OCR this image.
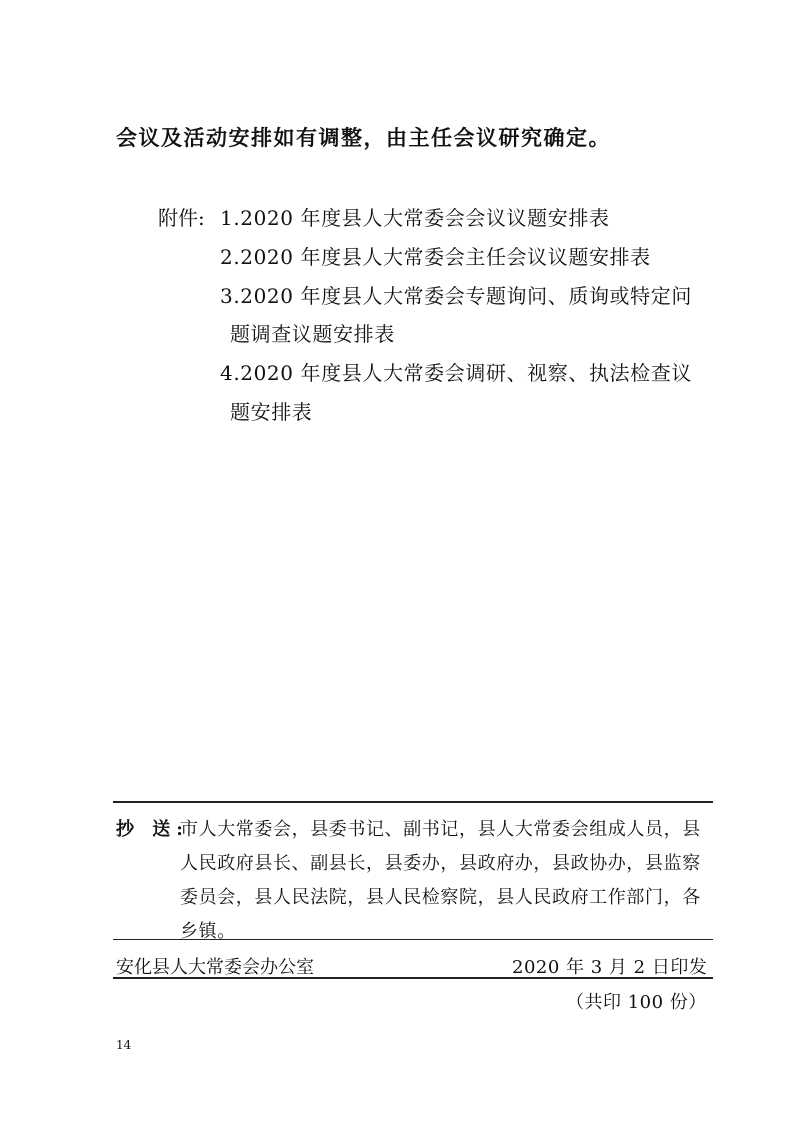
会议及活动安排如有调整，由主任会议研究确定。
附件: 1.2020 年度县人大常委会会议议题安排表
2.2020 年度县人大常委会主任会议议题安排表
3.2020 年度县人大常委会专题询问、质询或特定问
题调查议题安排表
4.2020 年度县人大常委会调研、视察、执法检查议
题安排表
抄 送:
市人大常委会，县委书记、副书记，县人大常委会组成人员，县
人民政府县长、副县长，县委办，县政府办，县政协办，县监察
委员会，县人民法院，县人民检察院，县人民政府工作部门，各
乡镇。
安化县人大常委会办公室	2020 年 3 月 2 日印发
（共印 100 份）
14
